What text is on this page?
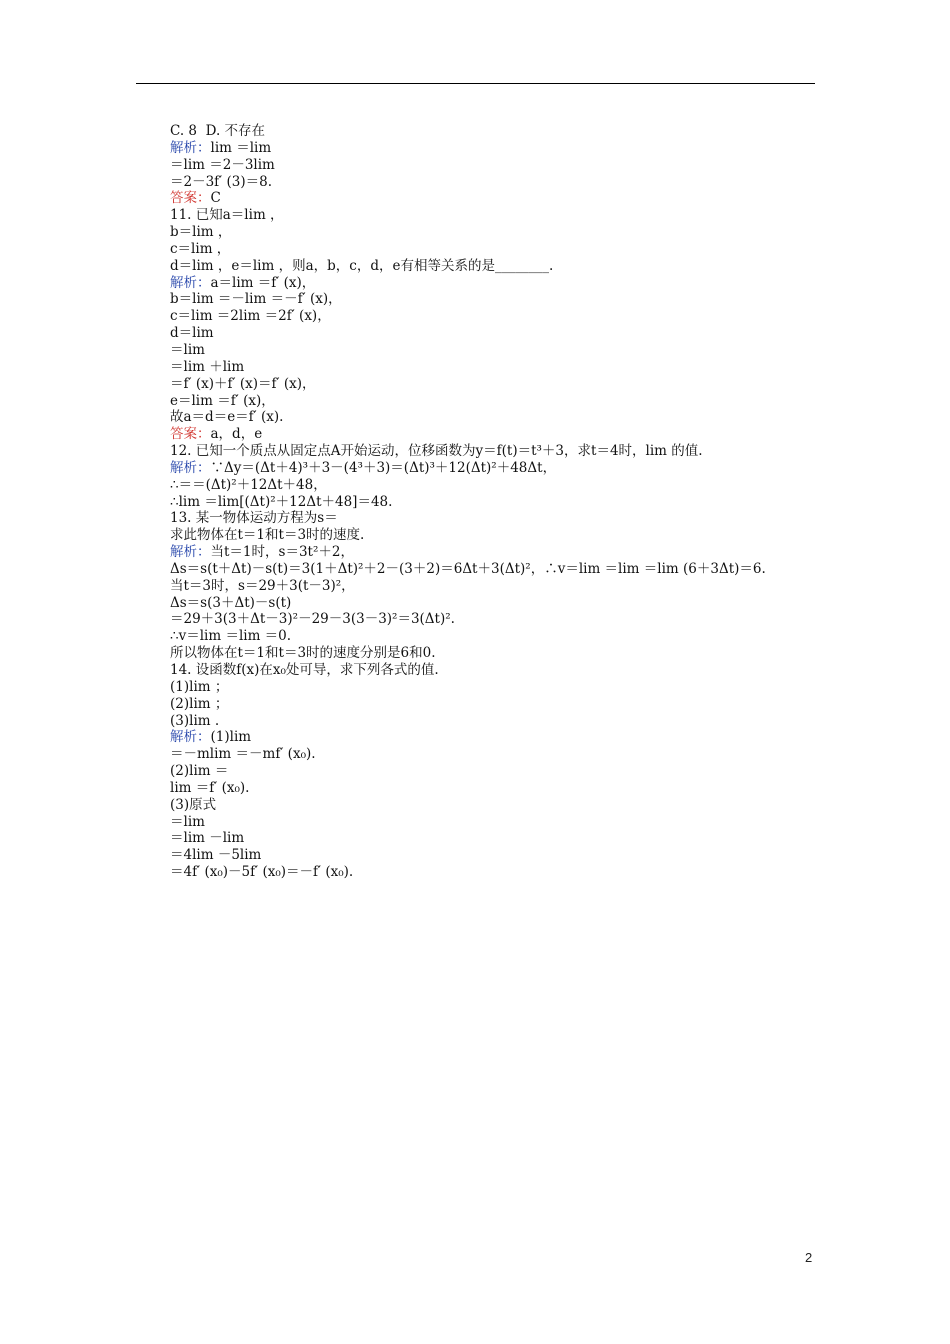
C. 8  D. 不存在
解析：lim ＝lim
＝lim ＝2－3lim
＝2－3f′ (3)＝8.
答案：C
11. 已知a＝lim ，
b＝lim ，
c＝lim ，
d＝lim ，e＝lim ，则a，b，c，d，e有相等关系的是________.
解析：a＝lim ＝f′ (x)，
b＝lim ＝－lim ＝－f′ (x)，
c＝lim ＝2lim ＝2f′ (x)，
d＝lim
＝lim
＝lim ＋lim
＝f′ (x)＋f′ (x)＝f′ (x)，
e＝lim ＝f′ (x)，
故a＝d＝e＝f′ (x).
答案：a，d，e
12. 已知一个质点从固定点A开始运动，位移函数为y＝f(t)＝t³＋3，求t＝4时，lim 的值.
解析：∵Δy＝(Δt＋4)³＋3－(4³＋3)＝(Δt)³＋12(Δt)²＋48Δt，
∴＝＝(Δt)²＋12Δt＋48，
∴lim ＝lim[(Δt)²＋12Δt＋48]＝48.
13. 某一物体运动方程为s＝
求此物体在t＝1和t＝3时的速度.
解析：当t＝1时，s＝3t²＋2，
Δs＝s(t＋Δt)－s(t)＝3(1＋Δt)²＋2－(3＋2)＝6Δt＋3(Δt)²，∴v＝lim ＝lim ＝lim (6＋3Δt)＝6.
当t＝3时，s＝29＋3(t－3)²，
Δs＝s(3＋Δt)－s(t)
＝29＋3(3＋Δt－3)²－29－3(3－3)²＝3(Δt)².
∴v＝lim ＝lim ＝0.
所以物体在t＝1和t＝3时的速度分别是6和0.
14. 设函数f(x)在x₀处可导，求下列各式的值.
(1)lim ；
(2)lim ；
(3)lim .
解析：(1)lim
＝－mlim ＝－mf′ (x₀).
(2)lim ＝
lim ＝f′ (x₀).
(3)原式
＝lim
＝lim －lim
＝4lim －5lim
＝4f′ (x₀)－5f′ (x₀)＝－f′ (x₀).
2
